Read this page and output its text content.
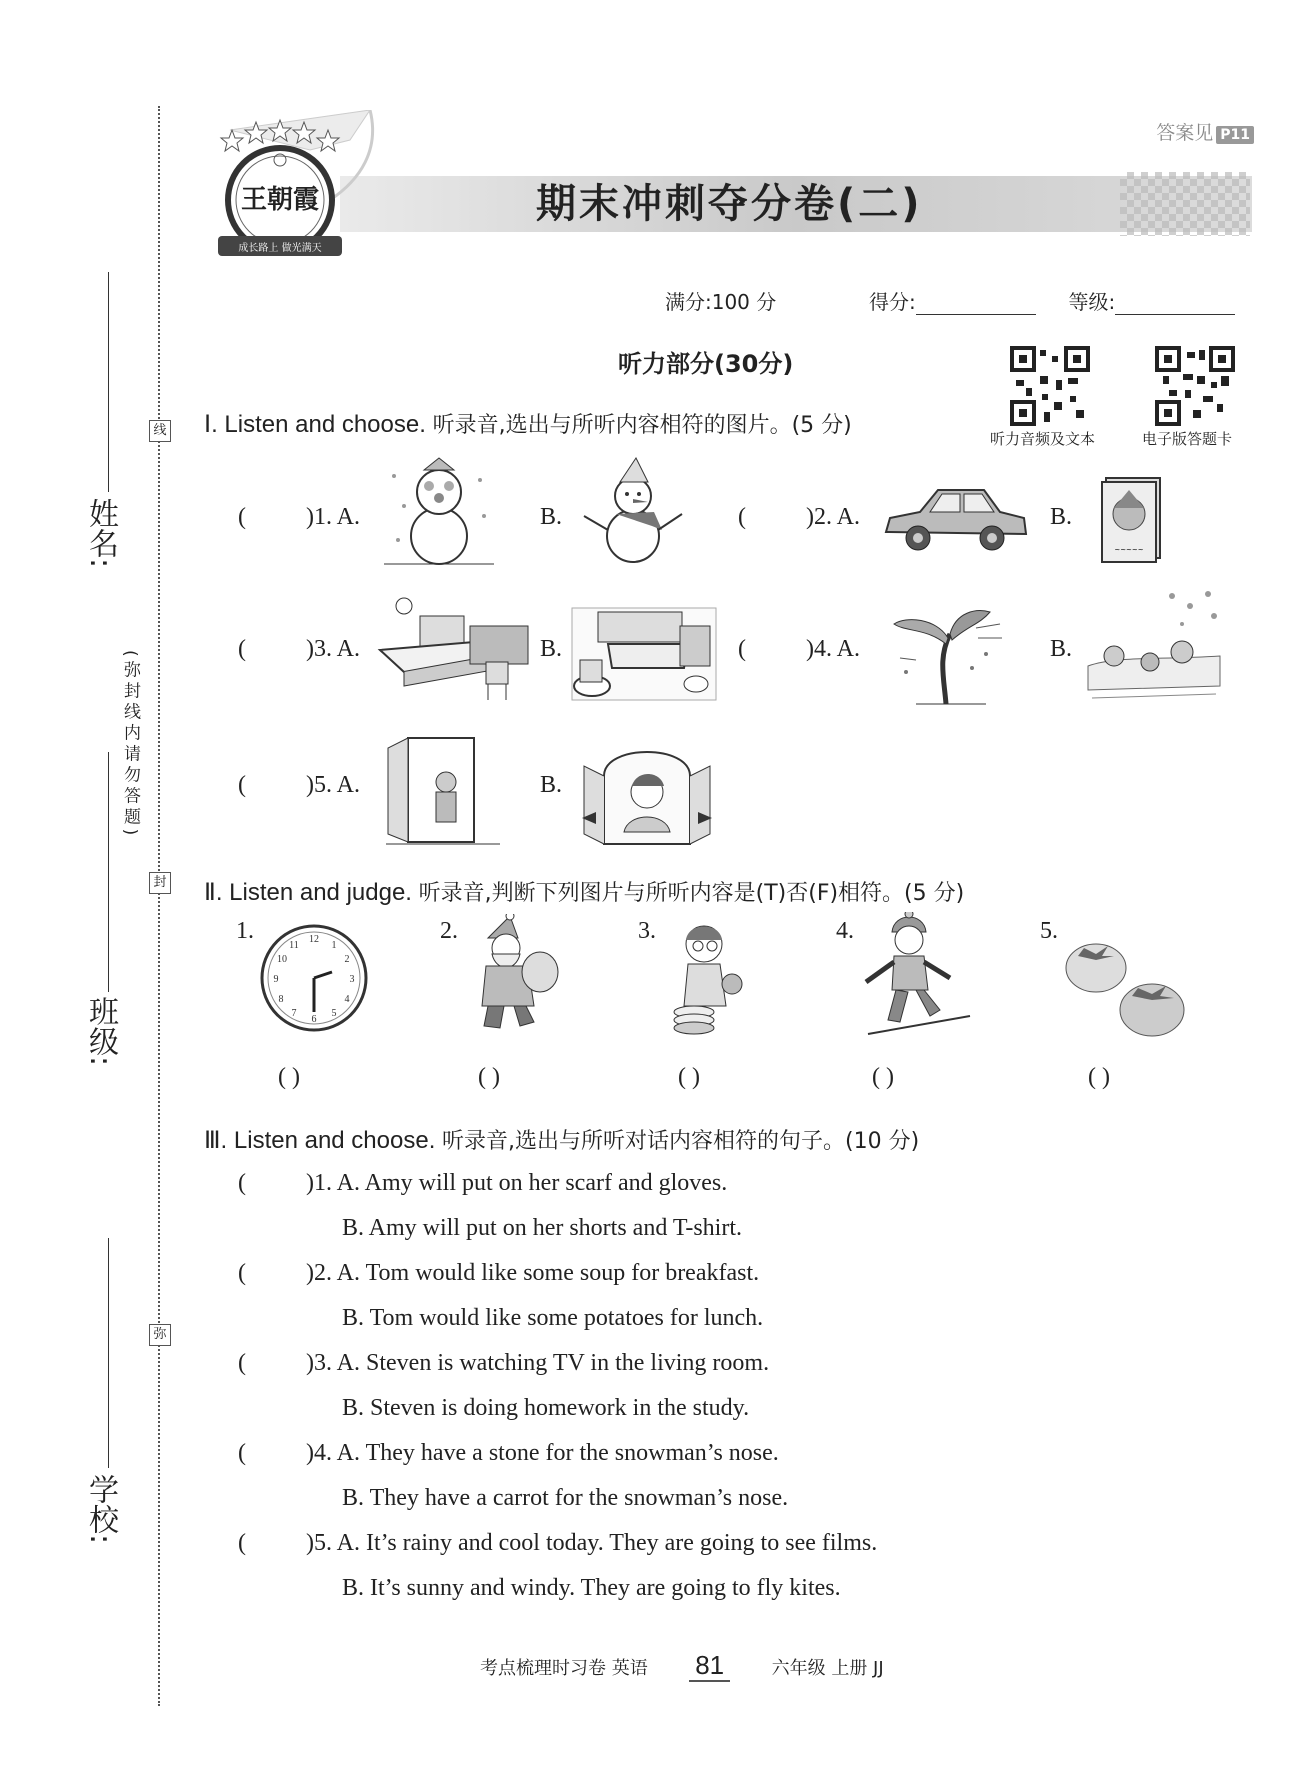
姓名:
班级:
学校:
线
封
弥
(弥封线内请勿答题)
答案见 P11
王朝霞
成长路上 做光满天
期末冲刺夺分卷(二)
满分:100 分	得分:	等级:
听力部分(30分)
听力音频及文本	电子版答题卡
Ⅰ. Listen and choose. 听录音,选出与所听内容相符的图片。(5 分)
(	)1. A.	B.	(	)2. A.	B.
~~~~~
(	)3. A.	B.	(	)4. A.	B.
(	)5. A.	B.
Ⅱ. Listen and judge. 听录音,判断下列图片与所听内容是(T)否(F)相符。(5 分)
1.	12
1
2
3
4
5
6
7
8
9
10
11
2.	3.	4.	5.
( )	( )	( )	( )	( )
Ⅲ. Listen and choose. 听录音,选出与所听对话内容相符的句子。(10 分)
(	)1. A. Amy will put on her scarf and gloves.
B. Amy will put on her shorts and T-shirt.
(	)2. A. Tom would like some soup for breakfast.
B. Tom would like some potatoes for lunch.
(	)3. A. Steven is watching TV in the living room.
B. Steven is doing homework in the study.
(	)4. A. They have a stone for the snowman’s nose.
B. They have a carrot for the snowman’s nose.
(	)5. A. It’s rainy and cool today. They are going to see films.
B. It’s sunny and windy. They are going to fly kites.
考点梳理时习卷 英语 81	六年级 上册 JJ
